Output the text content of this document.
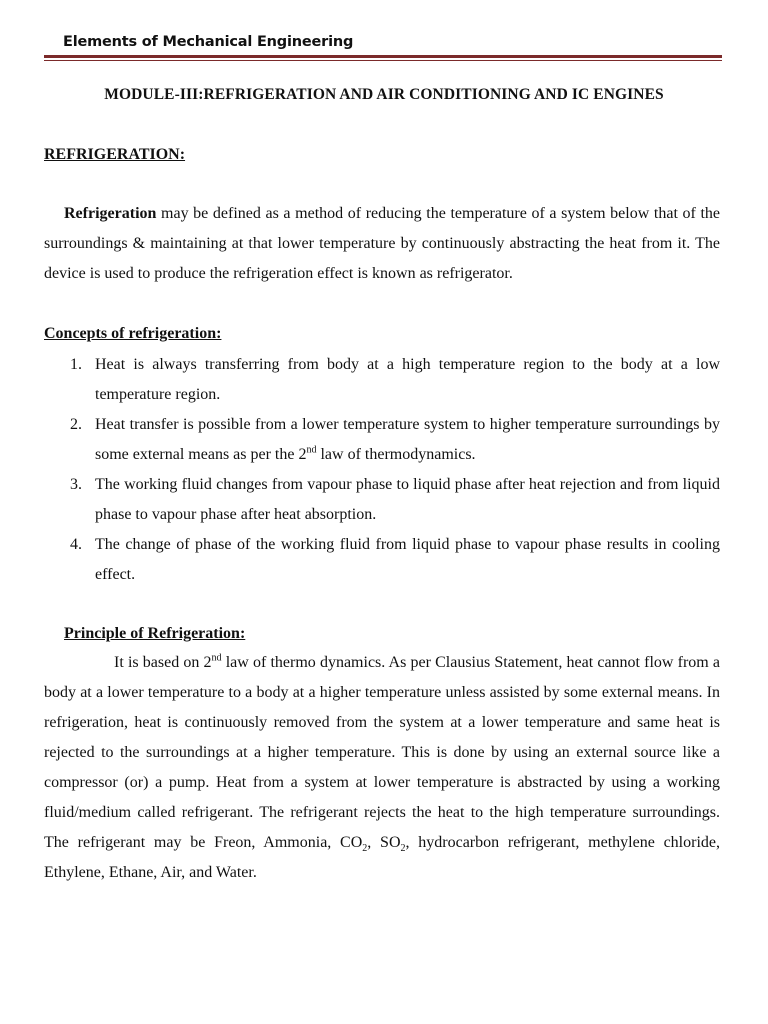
Elements of Mechanical Engineering
MODULE-III:REFRIGERATION AND AIR CONDITIONING AND IC ENGINES
REFRIGERATION:
Refrigeration may be defined as a method of reducing the temperature of a system below that of the surroundings & maintaining at that lower temperature by continuously abstracting the heat from it. The device is used to produce the refrigeration effect is known as refrigerator.
Concepts of refrigeration:
1. Heat is always transferring from body at a high temperature region to the body at a low temperature region.
2. Heat transfer is possible from a lower temperature system to higher temperature surroundings by some external means as per the 2nd law of thermodynamics.
3. The working fluid changes from vapour phase to liquid phase after heat rejection and from liquid phase to vapour phase after heat absorption.
4. The change of phase of the working fluid from liquid phase to vapour phase results in cooling effect.
Principle of Refrigeration:
It is based on 2nd law of thermo dynamics. As per Clausius Statement, heat cannot flow from a body at a lower temperature to a body at a higher temperature unless assisted by some external means. In refrigeration, heat is continuously removed from the system at a lower temperature and same heat is rejected to the surroundings at a higher temperature. This is done by using an external source like a compressor (or) a pump. Heat from a system at lower temperature is abstracted by using a working fluid/medium called refrigerant. The refrigerant rejects the heat to the high temperature surroundings. The refrigerant may be Freon, Ammonia, $CO_2$, $SO_2$, hydrocarbon refrigerant, methylene chloride, Ethylene, Ethane, Air, and Water.
